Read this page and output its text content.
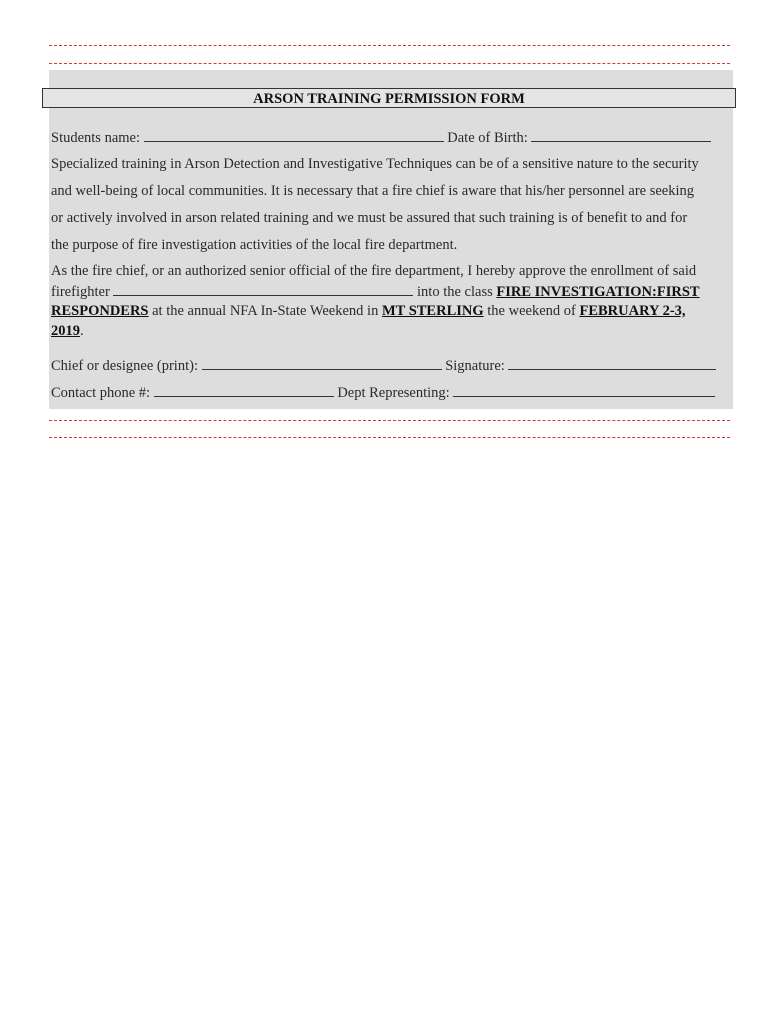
ARSON TRAINING PERMISSION FORM
Students name:	Date of Birth:
Specialized training in Arson Detection and Investigative Techniques can be of a sensitive nature to the security
and well-being of local communities. It is necessary that a fire chief is aware that his/her personnel are seeking
or actively involved in arson related training and we must be assured that such training is of benefit to and for
the purpose of fire investigation activities of the local fire department.
As the fire chief, or an authorized senior official of the fire department, I hereby approve the enrollment of said
firefighter	into the class FIRE INVESTIGATION:FIRST
RESPONDERS at the annual NFA In-State Weekend in MT STERLING the weekend of FEBRUARY 2-3,
2019.
Chief or designee (print):	Signature:
Contact phone #:	Dept Representing:
